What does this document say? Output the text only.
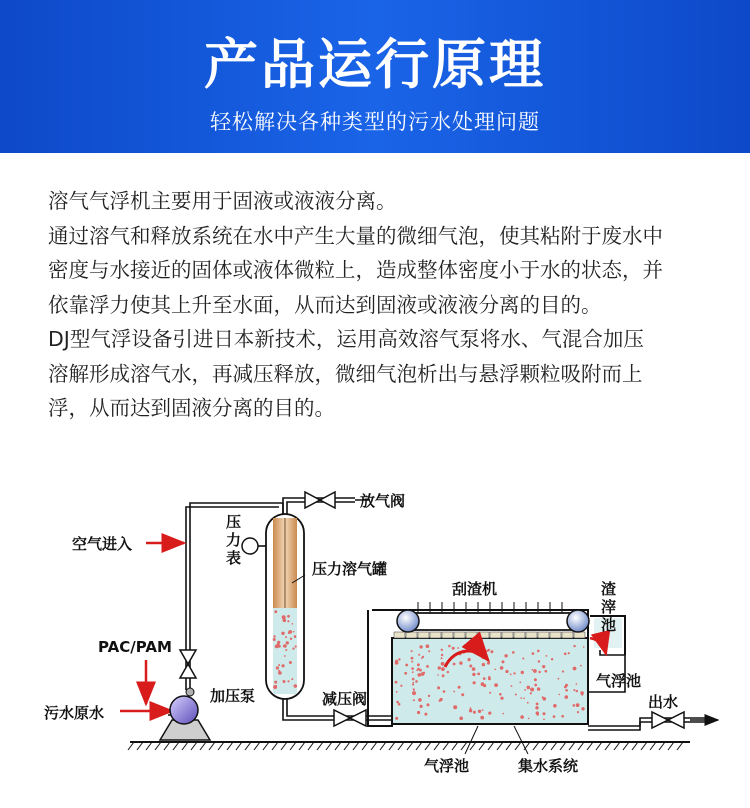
产品运行原理
轻松解决各种类型的污水处理问题

溶气气浮机主要用于固液或液液分离。

通过溶气和释放系统在水中产生大量的微细气泡，使其粘附于废水中

密度与水接近的固体或液体微粒上，造成整体密度小于水的状态，并

依靠浮力使其上升至水面，从而达到固液或液液分离的目的。

DJ型气浮设备引进日本新技术，运用高效溶气泵将水、气混合加压

溶解形成溶气水，再减压释放，微细气泡析出与悬浮颗粒吸附而上

浮，从而达到固液分离的目的。

放气阀
压
力
表
空气进入
压力溶气罐
刮渣机	渣
滓
池
PAC/PAM
加压泵
污水原水
减压阀
气浮池
出水
气浮池	集水系统
